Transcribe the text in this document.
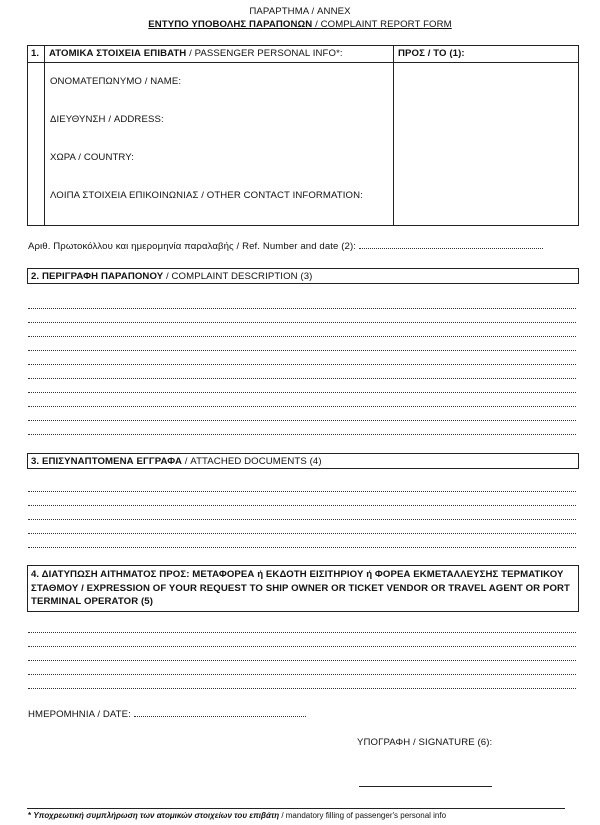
ΠΑΡΑΡΤΗΜΑ / ANNEX
ΕΝΤΥΠΟ ΥΠΟΒΟΛΗΣ ΠΑΡΑΠΟΝΩΝ / COMPLAINT REPORT FORM
1. ΑΤΟΜΙΚΑ ΣΤΟΙΧΕΙΑ ΕΠΙΒΑΤΗ / PASSENGER PERSONAL INFO*:	ΠΡΟΣ / TO (1):
ΟΝΟΜΑΤΕΠΩΝΥΜΟ / NAME:
ΔΙΕΥΘΥΝΣΗ / ADDRESS:
ΧΩΡΑ / COUNTRY:
ΛΟΙΠΑ ΣΤΟΙΧΕΙΑ ΕΠΙΚΟΙΝΩΝΙΑΣ / OTHER CONTACT INFORMATION:
Αριθ. Πρωτοκόλλου και ημερομηνία παραλαβής / Ref. Number and date (2):
2. ΠΕΡΙΓΡΑΦΗ ΠΑΡΑΠΟΝΟΥ / COMPLAINT DESCRIPTION (3)
3. ΕΠΙΣΥΝΑΠΤΟΜΕΝΑ ΕΓΓΡΑΦΑ / ATTACHED DOCUMENTS (4)
4. ΔΙΑΤΥΠΩΣΗ ΑΙΤΗΜΑΤΟΣ ΠΡΟΣ: ΜΕΤΑΦΟΡΕΑ ή ΕΚΔΟΤΗ ΕΙΣΙΤΗΡΙΟΥ ή ΦΟΡΕΑ ΕΚΜΕΤΑΛΛΕΥΣΗΣ ΤΕΡΜΑΤΙΚΟΥ ΣΤΑΘΜΟΥ / EXPRESSION OF YOUR REQUEST TO SHIP OWNER OR TICKET VENDOR OR TRAVEL AGENT OR PORT TERMINAL OPERATOR (5)
ΗΜΕΡΟΜΗΝΙΑ / DATE:
ΥΠΟΓΡΑΦΗ / SIGNATURE (6):
* Υποχρεωτική συμπλήρωση των ατομικών στοιχείων του επιβάτη / mandatory filling of passenger's personal info
